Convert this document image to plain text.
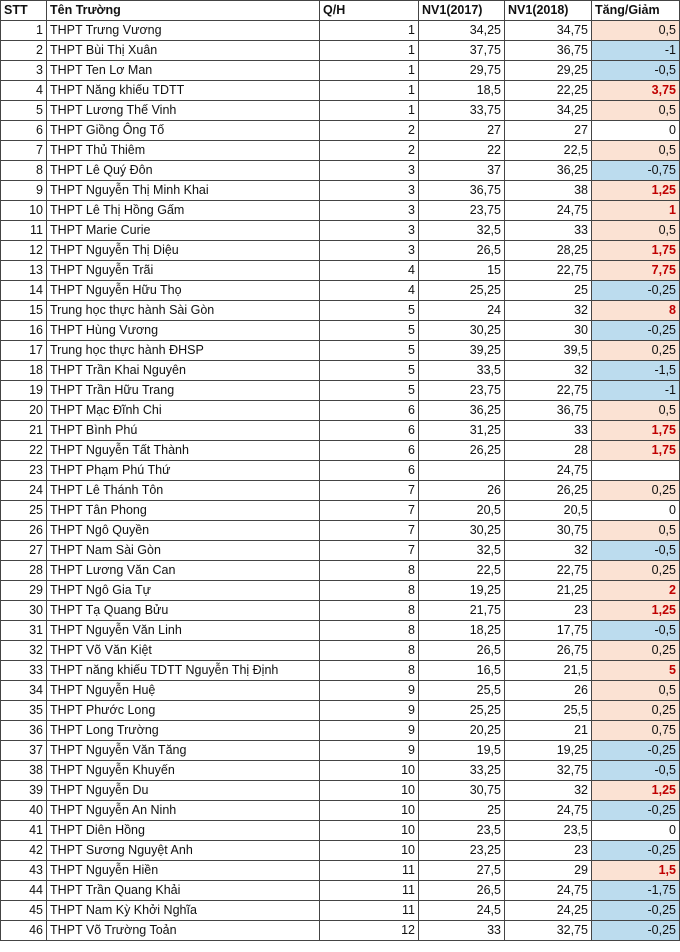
STT	Tên Trường	Q/H	NV1(2017)	NV1(2018)	Tăng/Giảm
1	THPT Trưng Vương	1	34,25	34,75	0,5
2	THPT Bùi Thị Xuân	1	37,75	36,75	-1
3	THPT Ten Lơ Man	1	29,75	29,25	-0,5
4	THPT Năng khiếu TDTT	1	18,5	22,25	3,75
5	THPT Lương Thế Vinh	1	33,75	34,25	0,5
6	THPT Giồng Ông Tố	2	27	27	0
7	THPT Thủ Thiêm	2	22	22,5	0,5
8	THPT Lê Quý Đôn	3	37	36,25	-0,75
9	THPT Nguyễn Thị Minh Khai	3	36,75	38	1,25
10	THPT Lê Thị Hồng Gấm	3	23,75	24,75	1
11	THPT Marie Curie	3	32,5	33	0,5
12	THPT Nguyễn Thị Diệu	3	26,5	28,25	1,75
13	THPT Nguyễn Trãi	4	15	22,75	7,75
14	THPT Nguyễn Hữu Thọ	4	25,25	25	-0,25
15	Trung học thực hành Sài Gòn	5	24	32	8
16	THPT Hùng Vương	5	30,25	30	-0,25
17	Trung học thực hành ĐHSP	5	39,25	39,5	0,25
18	THPT Trần Khai Nguyên	5	33,5	32	-1,5
19	THPT Trần Hữu Trang	5	23,75	22,75	-1
20	THPT Mạc Đĩnh Chi	6	36,25	36,75	0,5
21	THPT Bình Phú	6	31,25	33	1,75
22	THPT Nguyễn Tất Thành	6	26,25	28	1,75
23	THPT Phạm Phú Thứ	6		24,75	
24	THPT Lê Thánh Tôn	7	26	26,25	0,25
25	THPT Tân Phong	7	20,5	20,5	0
26	THPT Ngô Quyền	7	30,25	30,75	0,5
27	THPT Nam Sài Gòn	7	32,5	32	-0,5
28	THPT Lương Văn Can	8	22,5	22,75	0,25
29	THPT Ngô Gia Tự	8	19,25	21,25	2
30	THPT Tạ Quang Bửu	8	21,75	23	1,25
31	THPT Nguyễn Văn Linh	8	18,25	17,75	-0,5
32	THPT Võ Văn Kiệt	8	26,5	26,75	0,25
33	THPT năng khiếu TDTT Nguyễn Thị Định	8	16,5	21,5	5
34	THPT Nguyễn Huệ	9	25,5	26	0,5
35	THPT Phước Long	9	25,25	25,5	0,25
36	THPT Long Trường	9	20,25	21	0,75
37	THPT Nguyễn Văn Tăng	9	19,5	19,25	-0,25
38	THPT Nguyễn Khuyến	10	33,25	32,75	-0,5
39	THPT Nguyễn Du	10	30,75	32	1,25
40	THPT Nguyễn An Ninh	10	25	24,75	-0,25
41	THPT Diên Hồng	10	23,5	23,5	0
42	THPT Sương Nguyệt Anh	10	23,25	23	-0,25
43	THPT Nguyễn Hiền	11	27,5	29	1,5
44	THPT Trần Quang Khải	11	26,5	24,75	-1,75
45	THPT Nam Kỳ Khởi Nghĩa	11	24,5	24,25	-0,25
46	THPT Võ Trường Toản	12	33	32,75	-0,25
